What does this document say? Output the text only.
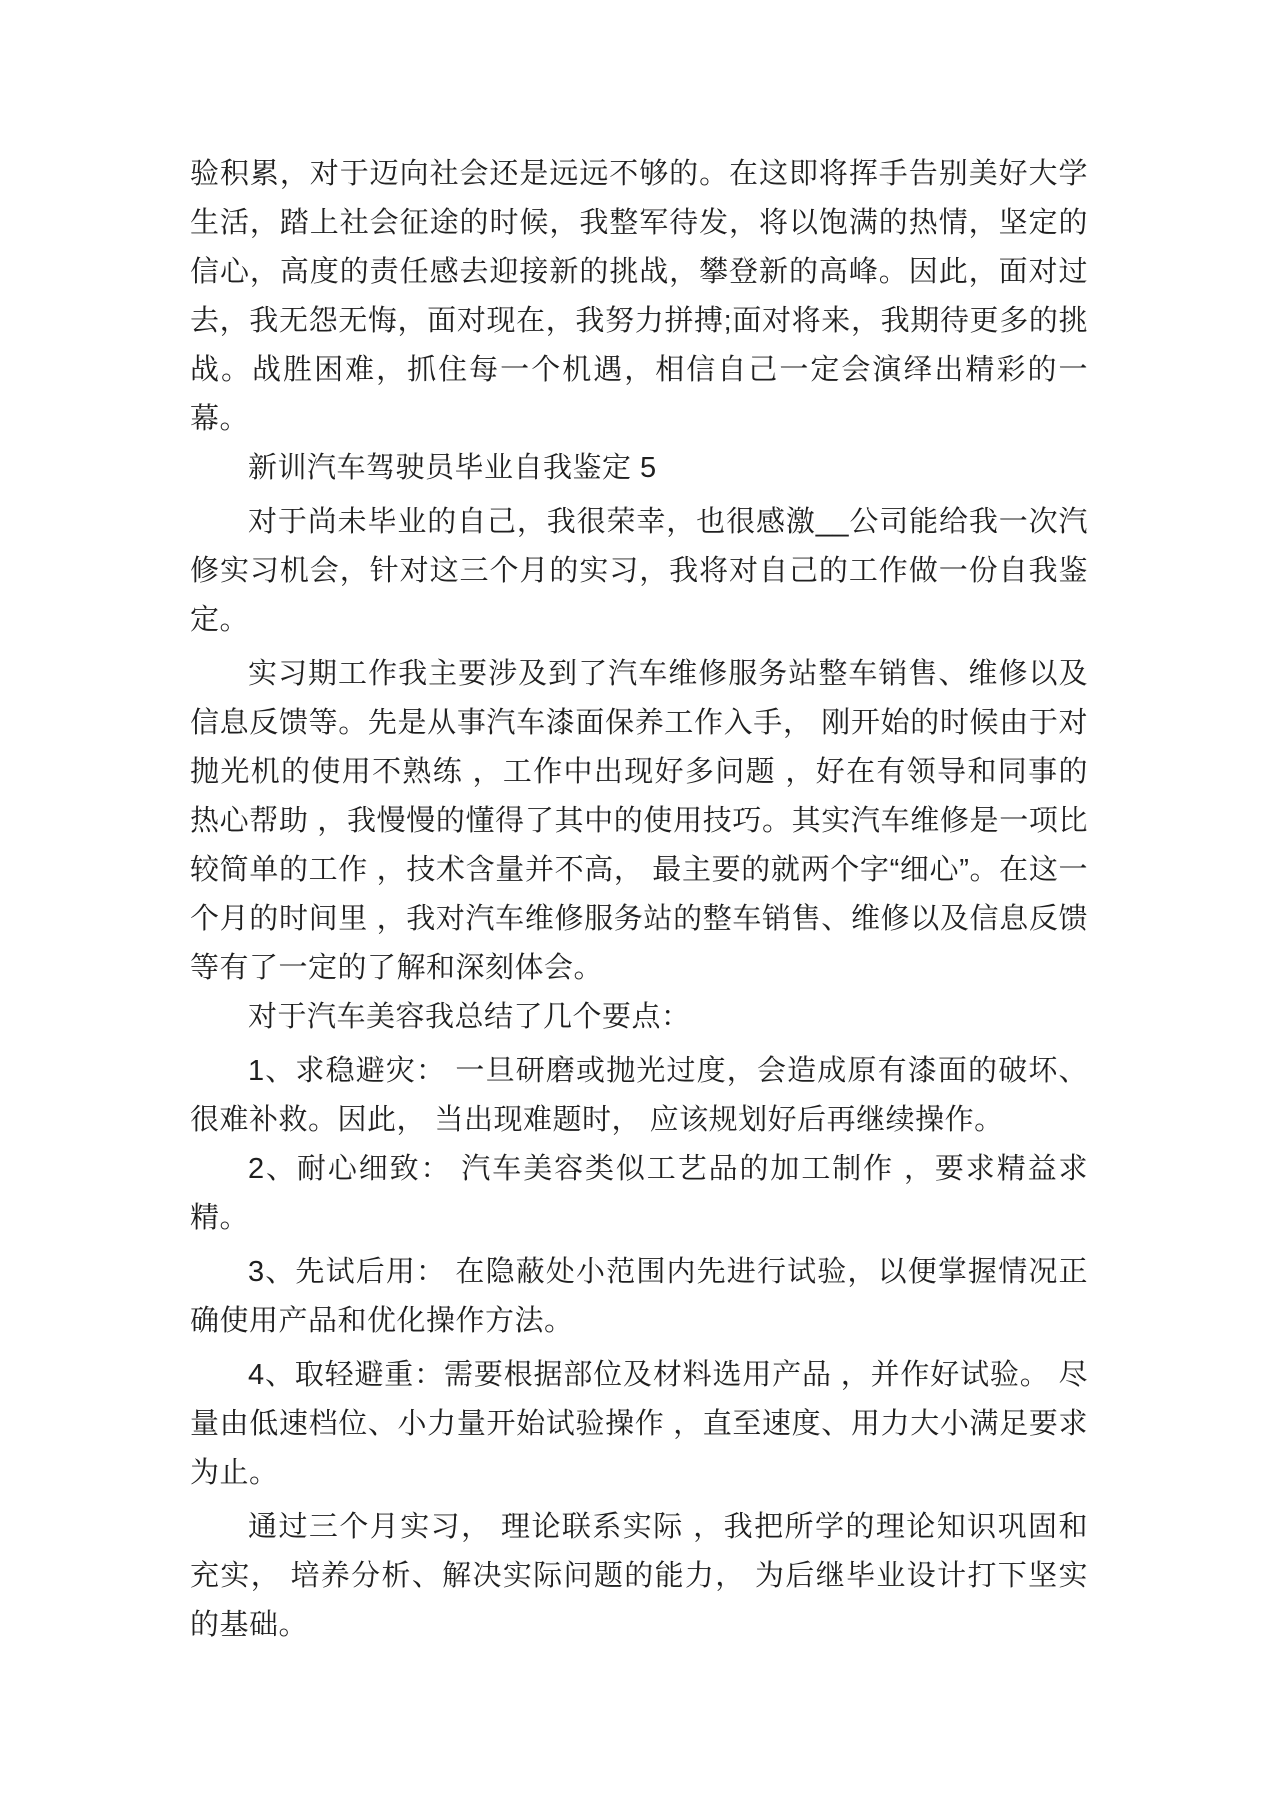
验积累，对于迈向社会还是远远不够的。在这即将挥手告别美好大学生活，踏上社会征途的时候，我整军待发，将以饱满的热情，坚定的信心，高度的责任感去迎接新的挑战，攀登新的高峰。因此，面对过去，我无怨无悔，面对现在，我努力拼搏;面对将来，我期待更多的挑战。战胜困难，抓住每一个机遇，相信自己一定会演绎出精彩的一幕。

新训汽车驾驶员毕业自我鉴定 5

对于尚未毕业的自己，我很荣幸，也很感激__公司能给我一次汽修实习机会，针对这三个月的实习，我将对自己的工作做一份自我鉴定。

实习期工作我主要涉及到了汽车维修服务站整车销售、维修以及信息反馈等。先是从事汽车漆面保养工作入手， 刚开始的时候由于对抛光机的使用不熟练 ，工作中出现好多问题 ，好在有领导和同事的热心帮助 ，我慢慢的懂得了其中的使用技巧。其实汽车维修是一项比较简单的工作 ，技术含量并不高， 最主要的就两个字“细心”。在这一个月的时间里 ，我对汽车维修服务站的整车销售、维修以及信息反馈等有了一定的了解和深刻体会。

对于汽车美容我总结了几个要点：

1、求稳避灾： 一旦研磨或抛光过度，会造成原有漆面的破坏、 很难补救。因此， 当出现难题时， 应该规划好后再继续操作。

2、耐心细致： 汽车美容类似工艺品的加工制作 ，要求精益求精。

3、先试后用： 在隐蔽处小范围内先进行试验，以便掌握情况正确使用产品和优化操作方法。

4、取轻避重：需要根据部位及材料选用产品 ，并作好试验。 尽量由低速档位、小力量开始试验操作 ，直至速度、用力大小满足要求为止。

通过三个月实习， 理论联系实际 ，我把所学的理论知识巩固和充实， 培养分析、解决实际问题的能力， 为后继毕业设计打下坚实的基础。
